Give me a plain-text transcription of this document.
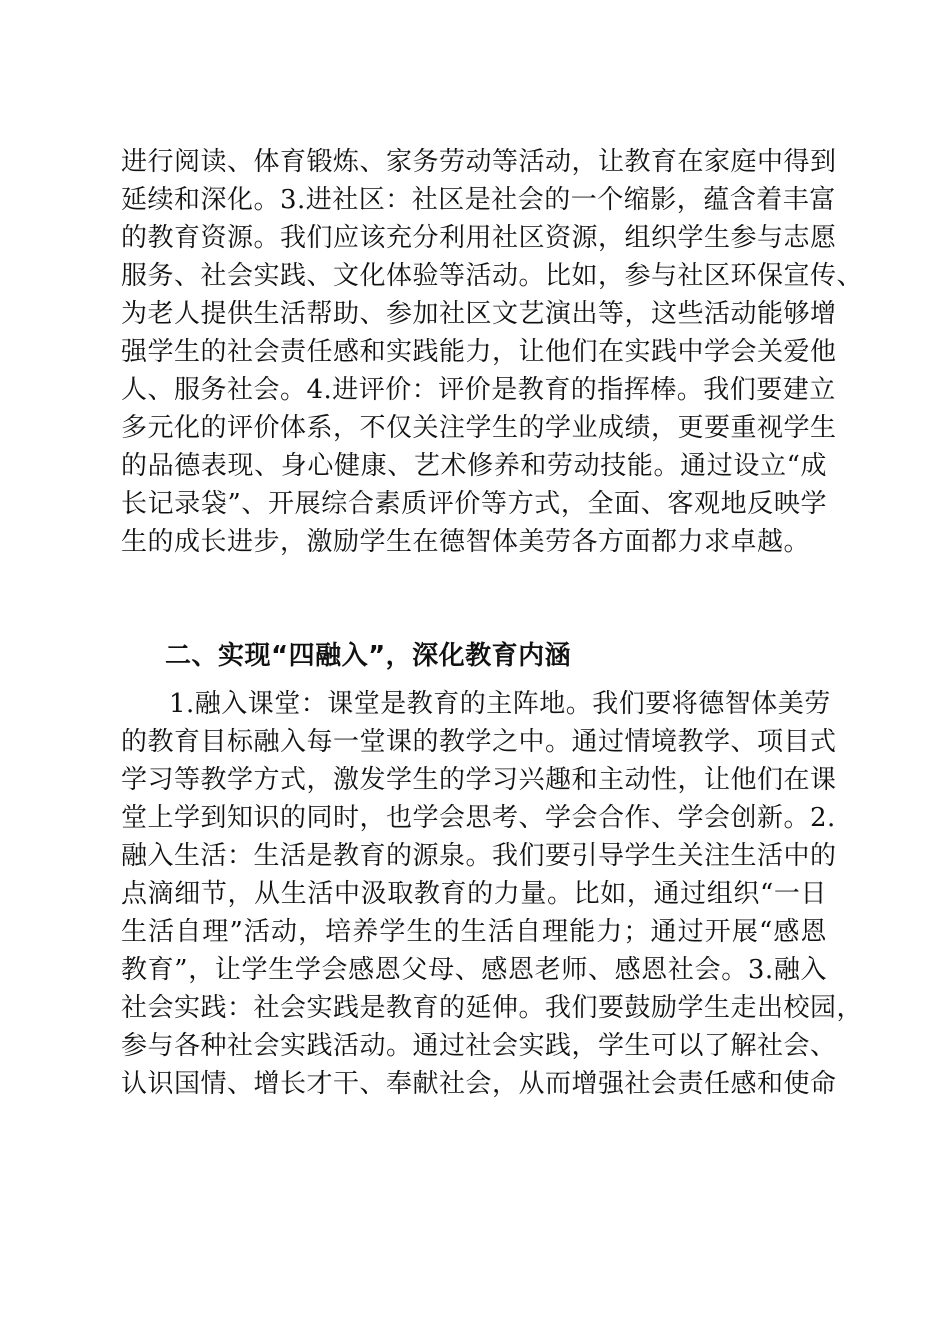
进行阅读、体育锻炼、家务劳动等活动，让教育在家庭中得到
延续和深化。3.进社区：社区是社会的一个缩影，蕴含着丰富
的教育资源。我们应该充分利用社区资源，组织学生参与志愿
服务、社会实践、文化体验等活动。比如，参与社区环保宣传、
为老人提供生活帮助、参加社区文艺演出等，这些活动能够增
强学生的社会责任感和实践能力，让他们在实践中学会关爱他
人、服务社会。4.进评价：评价是教育的指挥棒。我们要建立
多元化的评价体系，不仅关注学生的学业成绩，更要重视学生
的品德表现、身心健康、艺术修养和劳动技能。通过设立“成
长记录袋”、开展综合素质评价等方式，全面、客观地反映学
生的成长进步，激励学生在德智体美劳各方面都力求卓越。
二、实现“四融入”，深化教育内涵
1.融入课堂：课堂是教育的主阵地。我们要将德智体美劳
的教育目标融入每一堂课的教学之中。通过情境教学、项目式
学习等教学方式，激发学生的学习兴趣和主动性，让他们在课
堂上学到知识的同时，也学会思考、学会合作、学会创新。2.
融入生活：生活是教育的源泉。我们要引导学生关注生活中的
点滴细节，从生活中汲取教育的力量。比如，通过组织“一日
生活自理”活动，培养学生的生活自理能力；通过开展“感恩
教育”，让学生学会感恩父母、感恩老师、感恩社会。3.融入
社会实践：社会实践是教育的延伸。我们要鼓励学生走出校园，
参与各种社会实践活动。通过社会实践，学生可以了解社会、
认识国情、增长才干、奉献社会，从而增强社会责任感和使命
